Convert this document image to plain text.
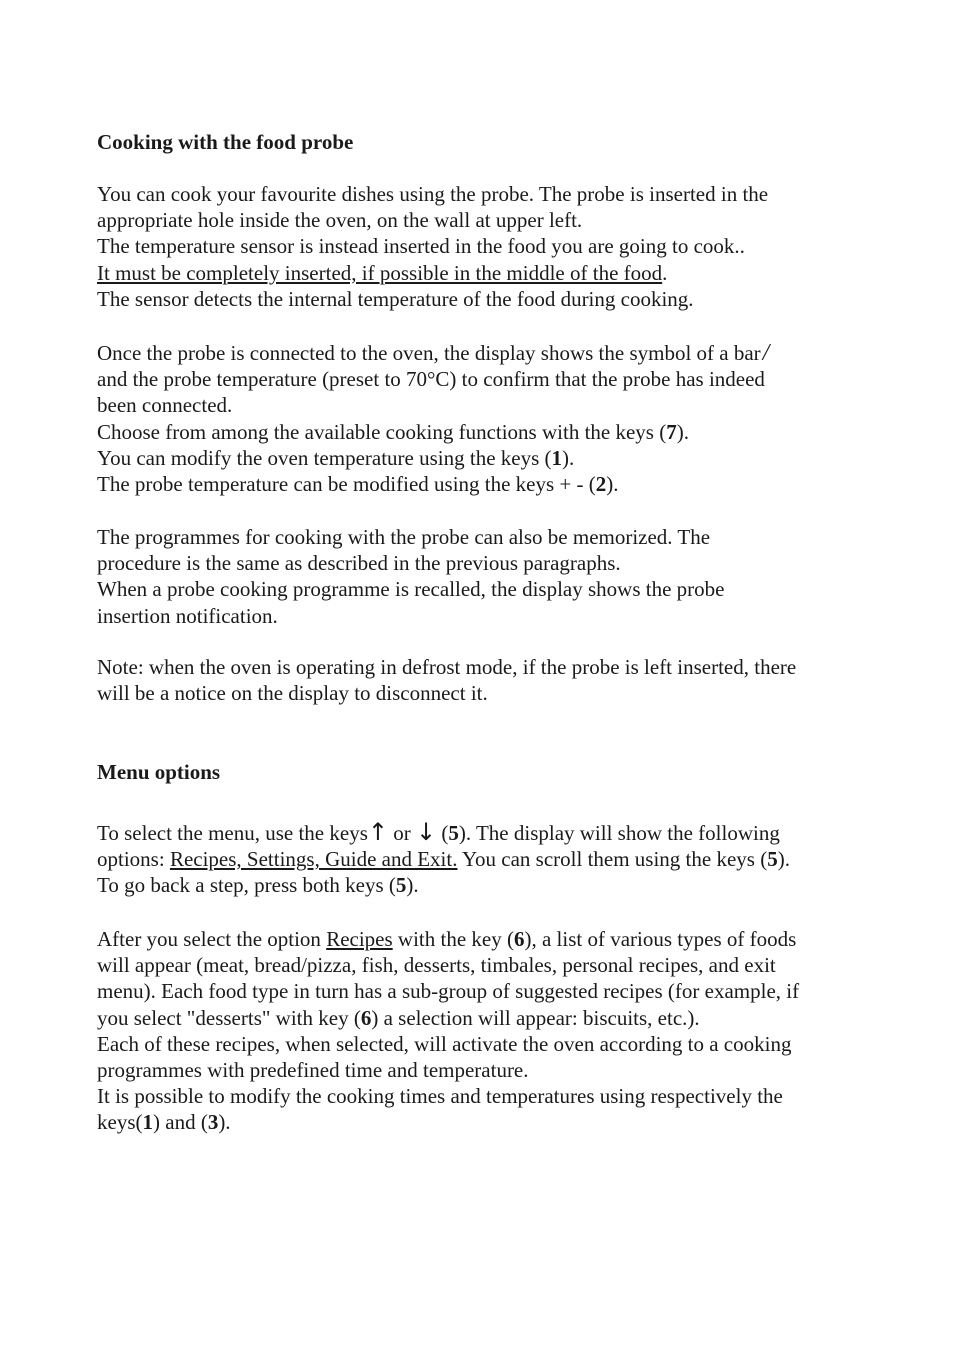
Cooking with the food probe
You can cook your favourite dishes using the probe. The probe is inserted in the
appropriate hole inside the oven, on the wall at upper left.
The temperature sensor is instead inserted in the food you are going to cook..
It must be completely inserted, if possible in the middle of the food.
The sensor detects the internal temperature of the food during cooking.
Once the probe is connected to the oven, the display shows the symbol of a bar/
and the probe temperature (preset to 70°C) to confirm that the probe has indeed
been connected.
Choose from among the available cooking functions with the keys (7).
You can modify the oven temperature using the keys (1).
The probe temperature can be modified using the keys + - (2).
The programmes for cooking with the probe can also be memorized. The
procedure is the same as described in the previous paragraphs.
When a probe cooking programme is recalled, the display shows the probe
insertion notification.
Note: when the oven is operating in defrost mode, if the probe is left inserted, there
will be a notice on the display to disconnect it.
Menu options
To select the menu, use the keys↑ or ↓ (5). The display will show the following
options: Recipes, Settings, Guide and Exit. You can scroll them using the keys (5).
To go back a step, press both keys (5).
After you select the option Recipes with the key (6), a list of various types of foods
will appear (meat, bread/pizza, fish, desserts, timbales, personal recipes, and exit
menu). Each food type in turn has a sub-group of suggested recipes (for example, if
you select "desserts" with key (6) a selection will appear: biscuits, etc.).
Each of these recipes, when selected, will activate the oven according to a cooking
programmes with predefined time and temperature.
It is possible to modify the cooking times and temperatures using respectively the
keys(1) and (3).
